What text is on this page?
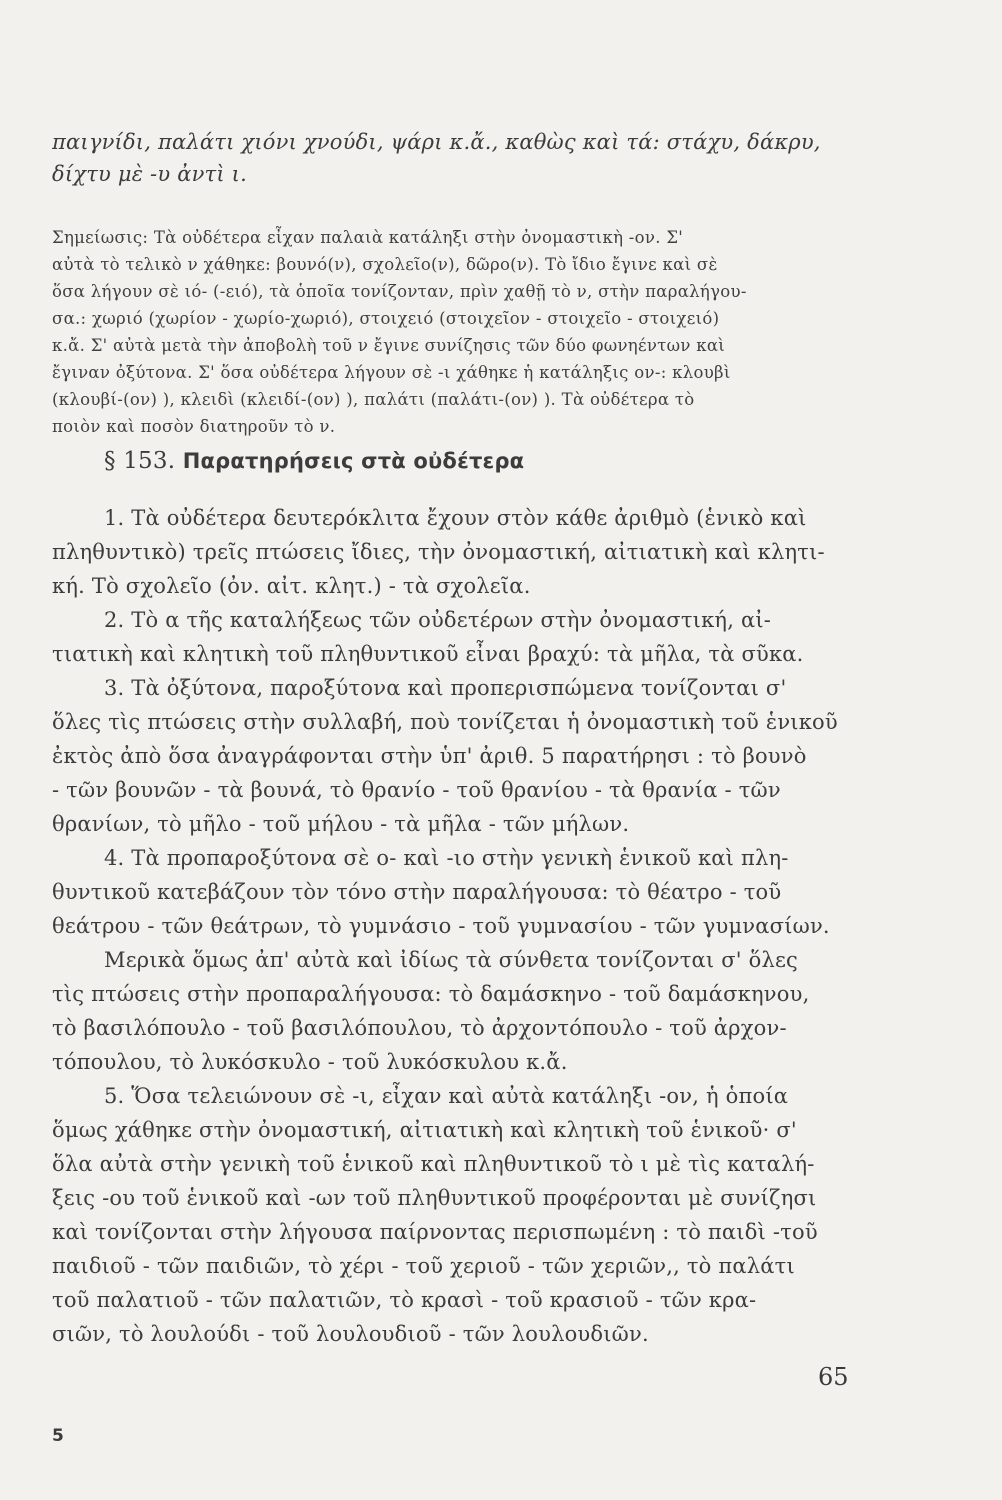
παιγνίδι, παλάτι χιόνι χνούδι, ψάρι κ.ἄ., καθὼς καὶ τά: στάχυ, δάκρυ,
δίχτυ μὲ -υ ἀντὶ ι.
Σημείωσις: Τὰ οὐδέτερα εἶχαν παλαιὰ κατάληξι στὴν ὀνομαστικὴ -ον. Σ'
αὐτὰ τὸ τελικὸ ν χάθηκε: βουνό(ν), σχολεῖο(ν), δῶρο(ν). Τὸ ἴδιο ἔγινε καὶ σὲ
ὅσα λήγουν σὲ ιό- (-ειό), τὰ ὁποῖα τονίζονταν, πρὶν χαθῇ τὸ ν, στὴν παραλήγου-
σα.: χωριό (χωρίον - χωρίο-χωριό), στοιχειό (στοιχεῖον - στοιχεῖο - στοιχειό)
κ.ἄ. Σ' αὐτὰ μετὰ τὴν ἀποβολὴ τοῦ ν ἔγινε συνίζησις τῶν δύο φωνηέντων καὶ
ἔγιναν ὀξύτονα. Σ' ὅσα οὐδέτερα λήγουν σὲ -ι χάθηκε ἡ κατάληξις ον-: κλουβὶ
(κλουβί-(ον) ), κλειδὶ (κλειδί-(ον) ), παλάτι (παλάτι-(ον) ). Τὰ οὐδέτερα τὸ
ποιὸν καὶ ποσὸν διατηροῦν τὸ ν.
§ 153. Παρατηρήσεις στὰ οὐδέτερα
1. Τὰ οὐδέτερα δευτερόκλιτα ἔχουν στὸν κάθε ἀριθμὸ (ἑνικὸ καὶ
πληθυντικὸ) τρεῖς πτώσεις ἴδιες, τὴν ὀνομαστική, αἰτιατικὴ καὶ κλητι-
κή. Τὸ σχολεῖο (ὀν. αἰτ. κλητ.) - τὰ σχολεῖα.
2. Τὸ α τῆς καταλήξεως τῶν οὐδετέρων στὴν ὀνομαστική, αἰ-
τιατικὴ καὶ κλητικὴ τοῦ πληθυντικοῦ εἶναι βραχύ: τὰ μῆλα, τὰ σῦκα.
3. Τὰ ὀξύτονα, παροξύτονα καὶ προπερισπώμενα τονίζονται σ'
ὅλες τὶς πτώσεις στὴν συλλαβή, ποὺ τονίζεται ἡ ὀνομαστικὴ τοῦ ἑνικοῦ
ἐκτὸς ἀπὸ ὅσα ἀναγράφονται στὴν ὑπ' ἀριθ. 5 παρατήρησι : τὸ βουνὸ
- τῶν βουνῶν - τὰ βουνά, τὸ θρανίο - τοῦ θρανίου - τὰ θρανία - τῶν
θρανίων, τὸ μῆλο - τοῦ μήλου - τὰ μῆλα - τῶν μήλων.
4. Τὰ προπαροξύτονα σὲ ο- καὶ -ιο στὴν γενικὴ ἑνικοῦ καὶ πλη-
θυντικοῦ κατεβάζουν τὸν τόνο στὴν παραλήγουσα: τὸ θέατρο - τοῦ
θεάτρου - τῶν θεάτρων, τὸ γυμνάσιο - τοῦ γυμνασίου - τῶν γυμνασίων.
Μερικὰ ὅμως ἀπ' αὐτὰ καὶ ἰδίως τὰ σύνθετα τονίζονται σ' ὅλες
τὶς πτώσεις στὴν προπαραλήγουσα: τὸ δαμάσκηνο - τοῦ δαμάσκηνου,
τὸ βασιλόπουλο - τοῦ βασιλόπουλου, τὸ ἀρχοντόπουλο - τοῦ ἀρχον-
τόπουλου, τὸ λυκόσκυλο - τοῦ λυκόσκυλου κ.ἄ.
5. Ὅσα τελειώνουν σὲ -ι, εἶχαν καὶ αὐτὰ κατάληξι -ον, ἡ ὁποία
ὅμως χάθηκε στὴν ὀνομαστική, αἰτιατικὴ καὶ κλητικὴ τοῦ ἑνικοῦ· σ'
ὅλα αὐτὰ στὴν γενικὴ τοῦ ἑνικοῦ καὶ πληθυντικοῦ τὸ ι μὲ τὶς καταλή-
ξεις -ου τοῦ ἑνικοῦ καὶ -ων τοῦ πληθυντικοῦ προφέρονται μὲ συνίζησι
καὶ τονίζονται στὴν λήγουσα παίρνοντας περισπωμένη : τὸ παιδὶ -τοῦ
παιδιοῦ - τῶν παιδιῶν, τὸ χέρι - τοῦ χεριοῦ - τῶν χεριῶν,, τὸ παλάτι
τοῦ παλατιοῦ - τῶν παλατιῶν, τὸ κρασὶ - τοῦ κρασιοῦ - τῶν κρα-
σιῶν, τὸ λουλούδι - τοῦ λουλουδιοῦ - τῶν λουλουδιῶν.
65
5
